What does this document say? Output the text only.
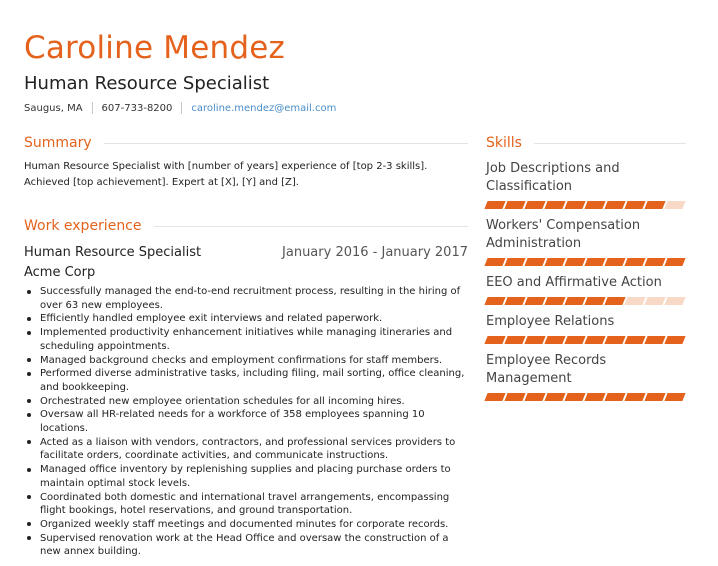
Caroline Mendez
Human Resource Specialist
Saugus, MA 607-733-8200 caroline.mendez@email.com
Summary

Human Resource Specialist with [number of years] experience of [top 2-3 skills]. Achieved [top achievement]. Expert at [X], [Y] and [Z].

Work experience
Human Resource Specialist	January 2016 - January 2017
Acme Corp
Successfully managed the end-to-end recruitment process, resulting in the hiring of over 63 new employees.
Efficiently handled employee exit interviews and related paperwork.
Implemented productivity enhancement initiatives while managing itineraries and scheduling appointments.
Managed background checks and employment confirmations for staff members.
Performed diverse administrative tasks, including filing, mail sorting, office cleaning, and bookkeeping.
Orchestrated new employee orientation schedules for all incoming hires.
Oversaw all HR-related needs for a workforce of 358 employees spanning 10 locations.
Acted as a liaison with vendors, contractors, and professional services providers to facilitate orders, coordinate activities, and communicate instructions.
Managed office inventory by replenishing supplies and placing purchase orders to maintain optimal stock levels.
Coordinated both domestic and international travel arrangements, encompassing flight bookings, hotel reservations, and ground transportation.
Organized weekly staff meetings and documented minutes for corporate records.
Supervised renovation work at the Head Office and oversaw the construction of a new annex building.
Skills
Job Descriptions and Classification
Workers' Compensation Administration
EEO and Affirmative Action
Employee Relations
Employee Records Management
